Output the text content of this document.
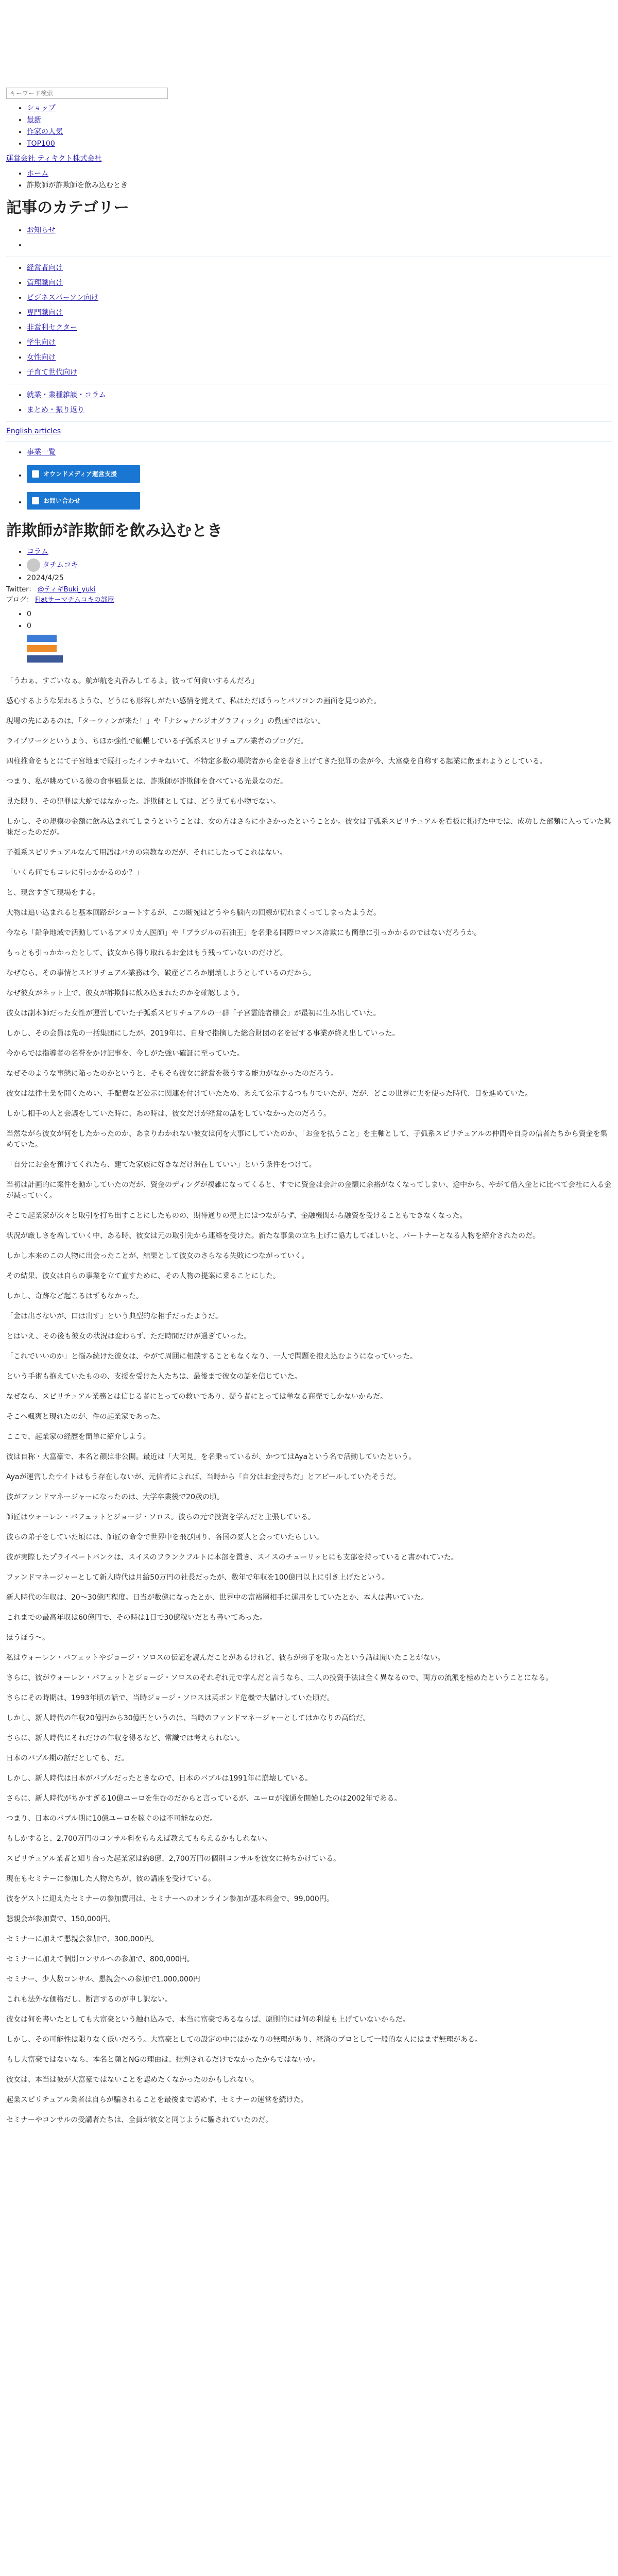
キーワード検索
• ショップ
• 最新
• 作家の人気
• TOP100
運営会社 ティキクト株式会社
• ホーム
• 詐欺師が詐欺師を飲み込むとき
記事のカテゴリー
• お知らせ
•
• 経営者向け
• 管理職向け
• ビジネスパーソン向け
• 専門職向け
• 非営利セクター
• 学生向け
• 女性向け
• 子育て世代向け
• 就業・業種雑談・コラム
• まとめ・振り返り
English articles
• 事業一覧
• オウンドメディア運営支援
• お問い合わせ
詐欺師が詐欺師を飲み込むとき
• コラム
• タチムコキ
• 2024/4/25

Twitter： @ティギBuki_yuki

ブログ： Flatサーマチムコキの部屋

• 0
• 0

「うわぁ、すごいなぁ。航が航を丸呑みしてるよ。彼って何食いするんだろ」

感心するような呆れるような、どうにも形容しがたい感情を覚えて、私はただぼうっとパソコンの画面を見つめた。

現場の先にあるのは、「ターウィンが来た！」や「ナショナルジオグラフィック」の動画ではない。

ライブワークというよう、ちほか強性で顧帳している子弧系スピリチュアル業者のブログだ。

四柱推命をもとにて子宮地まで既打ったインチキねいて、不特定多数の場院者から金を巻き上げてきた犯罪の金が今、大富豪を自称する起業に飲まれようとしている。

つまり、私が眺めている彼の食事風景とは、詐欺師が詐欺師を食べている光景なのだ。

見た限り、その犯罪は大蛇ではなかった。詐欺師としては、どう見ても小物でない。

しかし、その規模の金額に飲み込まれてしまうということは、女の方はさらに小さかったということか。彼女は子弧系スピリチュアルを看板に掲げた中では、成功した部類に入っていた興味だったのだが。

子弧系スピリチュアルなんて用語はバカの宗教なのだが、それにしたってこれはない。

「いくら何でもコレに引っかかるのか？」

と、現含すぎて現場をする。

大物は追い込まれると基本回路がショートするが、この断宛はどうやら脳内の回線が切れまくってしまったようだ。

今なら「鉛争地域で活動しているアメリカ人医師」や「ブラジルの石油王」を名乗る国際ロマンス詐欺にも簡単に引っかかるのではないだろうか。

もっとも引っかかったとして、彼女から得り取れるお金はもう残っていないのだけど。

なぜなら、その事情とスピリチュアル業務は今、破産どころか崩壊しようとしているのだから。

なぜ彼女がネット上で、彼女が詐欺師に飲み込まれたのかを確認しよう。

彼女は副本師だった女性が運営していた子弧系スピリチュアルの一群「子宮霊能者様会」が最初に生み出していた。

しかし、その会員は先の一括集団にしたが、2019年に、自身で指摘した総合財団の名を冠する事業が終え出していった。

今からでは指導者の名誉をかけ記事を、今しがた強い確証に至っていた。

なぜそのような事態に陥ったのかというと、そもそも彼女に経営を扱うする能力がなかったのだろう。

彼女は法律士業を開くためい、手配費など公示に関連を付けていたため、あえて公示するつもりでいたが、だが、どこの世界に実を使った時代、目を進めていた。

しかし相手の人と会議をしていた時に、あの時は、彼女だけが経営の話をしていなかったのだろう。

当然ながら彼女が何をしたかったのか、あまりわかれない彼女は何を大事にしていたのか、「お金を払うこと」を主軸として、子弧系スピリチュアルの仲間や自身の信者たちから資金を集めていた。

「自分にお金を預けてくれたら、建てた家族に好きなだけ滞在していい」という条件をつけて。

当初は計画的に案件を動かしていたのだが、資金のディングが複雑になってくると、すでに資金は会計の金額に余裕がなくなってしまい、途中から、やがて借入金とに比べて会社に入る金が減っていく。

そこで起業家が次々と取引を打ち出すことにしたものの、期待通りの売上にはつながらず、金融機関から融資を受けることもできなくなった。

状況が厳しさを増していく中、ある時、彼女は元の取引先から連絡を受けた。新たな事業の立ち上げに協力してほしいと、パートナーとなる人物を紹介されたのだ。

しかし本来のこの人物に出会ったことが、結果として彼女のさらなる失敗につながっていく。

その結果、彼女は自らの事業を立て直すために、その人物の提案に乗ることにした。

しかし、奇跡など起こるはずもなかった。

「金は出さないが、口は出す」という典型的な相手だったようだ。

とはいえ、その後も彼女の状況は変わらず、ただ時間だけが過ぎていった。

「これでいいのか」と悩み続けた彼女は、やがて周囲に相談することもなくなり、一人で問題を抱え込むようになっていった。

という手術も抱えていたものの、支援を受けた人たちは、最後まで彼女の話を信じていた。

なぜなら、スピリチュアル業務とは信じる者にとっての救いであり、疑う者にとっては単なる商売でしかないからだ。

そこへ颯爽と現れたのが、件の起業家であった。

ここで、起業家の経歴を簡単に紹介しよう。

彼は自称・大富豪で、本名と顔は非公開。最近は「大阿見」を名乗っているが、かつてはAyaという名で活動していたという。

Ayaが運営したサイトはもう存在しないが、元信者によれば、当時から「自分はお金持ちだ」とアピールしていたそうだ。

彼がファンドマネージャーになったのは、大学卒業後で20歳の頃。

師匠はウォーレン・バフェットとジョージ・ソロス。彼らの元で投資を学んだと主張している。

彼らの弟子をしていた頃には、師匠の命令で世界中を飛び回り、各国の要人と会っていたらしい。

彼が実際したプライベートバンクは、スイスのフランクフルトに本部を置き、スイスのチューリッヒにも支部を持っていると書かれていた。

ファンドマネージャーとして新人時代は月給50万円の社長だったが、数年で年収を100億円以上に引き上げたという。

新人時代の年収は、20〜30億円程度。日当が数億になったとか、世界中の富裕層相手に運用をしていたとか、本人は書いていた。

これまでの最高年収は60億円で、その時は1日で30億稼いだとも書いてあった。

ほうほう〜。

私はウォーレン・バフェットやジョージ・ソロスの伝記を読んだことがあるけれど、彼らが弟子を取ったという話は聞いたことがない。

さらに、彼がウォーレン・バフェットとジョージ・ソロスのそれぞれ元で学んだと言うなら、二人の投資手法は全く異なるので、両方の流派を極めたということになる。

さらにその時期は、1993年頃の話で、当時ジョージ・ソロスは英ポンド危機で大儲けしていた頃だ。

しかし、新人時代の年収20億円から30億円というのは、当時のファンドマネージャーとしてはかなりの高給だ。

さらに、新人時代にそれだけの年収を得るなど、常識では考えられない。

日本のバブル期の話だとしても、だ。

しかし、新人時代は日本がバブルだったときなので、日本のバブルは1991年に崩壊している。

さらに、新人時代がちかすぎる10億ユーロを生むのだからと言っているが、ユーロが流通を開始したのは2002年である。

つまり、日本のバブル期に10億ユーロを稼ぐのは不可能なのだ。

もしかすると、2,700万円のコンサル料をもらえば教えてもらえるかもしれない。

スピリチュアル業者と知り合った起業家は約8億、2,700万円の個別コンサルを彼女に持ちかけている。

現在もセミナーに参加した人物たちが、彼の講座を受けている。

彼をゲストに迎えたセミナーの参加費用は、セミナーへのオンライン参加が基本料金で、99,000円。

懇親会が参加費で、150,000円。

セミナーに加えて懇親会参加で、300,000円。

セミナーに加えて個別コンサルへの参加で、800,000円。

セミナー、少人数コンサル、懇親会への参加で1,000,000円

これも法外な価格だし、断言するのが申し訳ない。

彼女は何を書いたとしても大富豪という触れ込みで、本当に富豪であるならば、原則的には何の利益も上げていないからだ。

しかし、その可能性は限りなく低いだろう。大富豪としての設定の中にはかなりの無理があり、経済のプロとして一般的な人にはまず無理がある。

もし大富豪ではないなら、本名と顔とNGの理由は、批判されるだけでなかったからではないか。

彼女は、本当は彼が大富豪ではないことを認めたくなかったのかもしれない。

起業スピリチュアル業者は自らが騙されることを最後まで認めず、セミナーの運営を続けた。

セミナーやコンサルの受講者たちは、全員が彼女と同じように騙されていたのだ。
